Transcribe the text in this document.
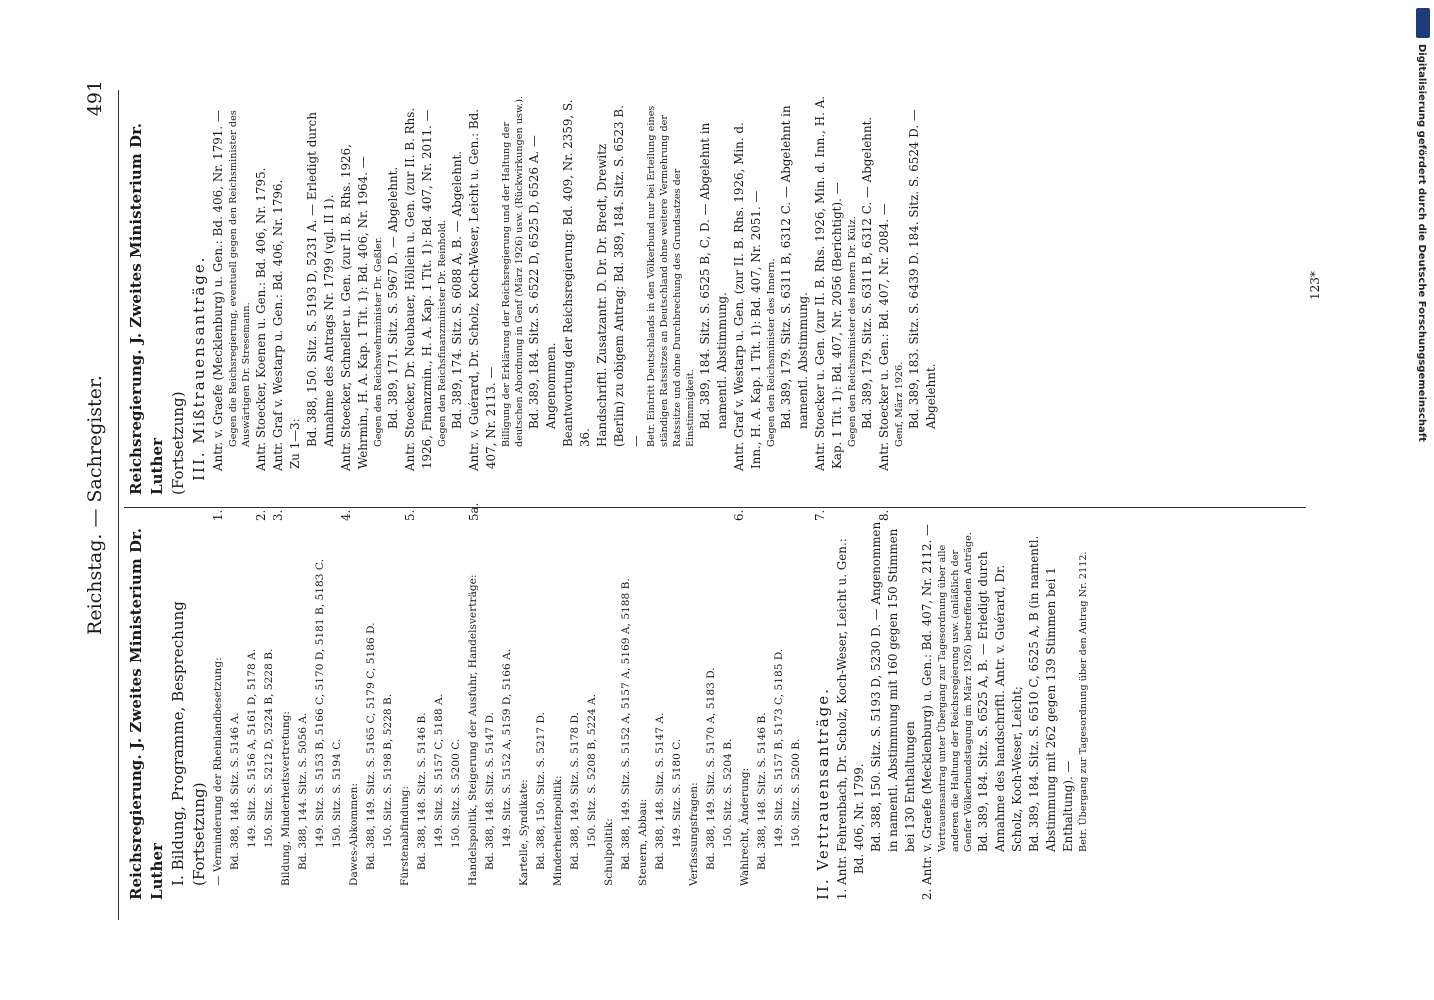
Reichstag. — Sachregister.
491

Reichsregierung. J. Zweites Ministerium Dr. Luther I. Bildung, Programme, Besprechung (Fortsetzung) — Verminderung der Rheinlandbesetzung: Bd. 388, 148. Sitz. S. 5146 A. 149. Sitz. S. 5156 A, 5161 D, 5178 A. 150. Sitz. S. 5212 D, 5224 B, 5228 B. Bildung, Minderheitsvertretung: Bd. 388, 144. Sitz. S. 5056 A. 149. Sitz. S. 5153 B, 5166 C, 5170 D, 5181 B, 5183 C. 150. Sitz. S. 5194 C. Dawes-Abkommen: Bd. 388, 149. Sitz. S. 5165 C, 5179 C, 5186 D. 150. Sitz. S. 5198 B, 5228 B. Fürstenabfindung: Bd. 388, 148. Sitz. S. 5146 B. 149. Sitz. S. 5157 C, 5188 A. 150. Sitz. S. 5200 C. Handelspolitik, Steigerung der Ausfuhr, Handelsverträge: Bd. 388, 148. Sitz. S. 5147 D. 149. Sitz. S. 5152 A, 5159 D, 5166 A. Kartelle, Syndikate: Bd. 388, 150. Sitz. S. 5217 D. Minderheitenpolitik: Bd. 388, 149. Sitz. S. 5178 D. 150. Sitz. S. 5208 B, 5224 A.

Schulpolitik: Bd. 388, 149. Sitz. S. 5152 A, 5157 A, 5169 A, 5188 B. Steuern, Abbau: Bd. 388, 148. Sitz. S. 5147 A. 149. Sitz. S. 5180 C. Verfassungsfragen: Bd. 388, 149. Sitz. S. 5170 A, 5183 D. 150. Sitz. S. 5204 B. Wahlrecht, Änderung: Bd. 388, 148. Sitz. S. 5146 B. 149. Sitz. S. 5157 B, 5173 C, 5185 D. 150. Sitz. S. 5200 B. II. Vertrauensanträge. 1. Antr. Fehrenbach, Dr. Scholz, Koch-Weser, Leicht u. Gen.: Bd. 406, Nr. 1799. Bd. 388, 150. Sitz. S. 5193 D, 5230 D. — Angenommen in namentl. Abstimmung mit 160 gegen 150 Stimmen bei 130 Enthaltungen 2. Antr. v. Graefe (Mecklenburg) u. Gen.: Bd. 407, Nr. 2112. — Vertrauensantrag unter Übergang zur Tagesordnung über alle anderen die Haltung der Reichsregierung usw. (anläßlich der Genfer Völkerbundstagung im März 1926) betreffenden Anträge. Bd. 389, 184. Sitz. S. 6525 A, B. — Erledigt durch Annahme des handschriftl. Antr. v. Guérard, Dr. Scholz, Koch-Weser, Leicht; Bd. 389, 184. Sitz. S. 6510 C, 6525 A, B (in namentl. Abstimmung mit 262 gegen 139 Stimmen bei 1 Enthaltung). — Betr. Übergang zur Tagesordnung über den Antrag Nr. 2112.

Reichsregierung. J. Zweites Ministerium Dr. Luther (Fortsetzung) III. Mißtrauensanträge.

1.Antr. v. Graefe (Mecklenburg) u. Gen.: Bd. 406, Nr. 1791. — Gegen die Reichsregierung, eventuell gegen den Reichsminister des Auswärtigen Dr. Stresemann.

2.Antr. Stoecker, Koenen u. Gen.: Bd. 406, Nr. 1795.

3.Antr. Graf v. Westarp u. Gen.: Bd. 406, Nr. 1796. Zu 1—3: Bd. 388, 150. Sitz. S. 5193 D, 5231 A. — Erledigt durch Annahme des Antrags Nr. 1799 (vgl. II 1).

4.Antr. Stoecker, Schneller u. Gen. (zur II. B. Rhs. 1926, Wehrmin., H. A. Kap. 1 Tit. 1): Bd. 406, Nr. 1964. — Gegen den Reichswehrminister Dr. Geßler. Bd. 389, 171. Sitz. S. 5967 D. — Abgelehnt.

5.Antr. Stoecker, Dr. Neubauer, Höllein u. Gen. (zur II. B. Rhs. 1926, Finanzmin., H. A. Kap. 1 Tit. 1): Bd. 407, Nr. 2011. — Gegen den Reichsfinanzminister Dr. Reinhold. Bd. 389, 174. Sitz. S. 6088 A, B. — Abgelehnt.

5a.Antr. v. Guérard, Dr. Scholz, Koch-Weser, Leicht u. Gen.: Bd. 407, Nr. 2113. — Billigung der Erklärung der Reichsregierung und der Haltung der deutschen Abordnung in Genf (März 1926) usw. (Rückwirkungen usw.). Bd. 389, 184. Sitz. S. 6522 D, 6525 D, 6526 A. — Angenommen. Beantwortung der Reichsregierung: Bd. 409, Nr. 2359, S. 36. Handschriftl. Zusatzantr. D. Dr. Dr. Bredt, Drewitz (Berlin) zu obigem Antrag: Bd. 389, 184. Sitz. S. 6523 B. — Betr. Eintritt Deutschlands in den Völkerbund nur bei Erteilung eines ständigen Ratssitzes an Deutschland ohne weitere Vermehrung der Ratssitze und ohne Durchbrechung des Grundsatzes der Einstimmigkeit. Bd. 389, 184. Sitz. S. 6525 B, C, D. — Abgelehnt in namentl. Abstimmung.

6.Antr. Graf v. Westarp u. Gen. (zur II. B. Rhs. 1926, Min. d. Inn., H. A. Kap. 1 Tit. 1): Bd. 407, Nr. 2051. — Gegen den Reichsminister des Innern. Bd. 389, 179. Sitz. S. 6311 B, 6312 C. — Abgelehnt in namentl. Abstimmung.

7.Antr. Stoecker u. Gen. (zur II. B. Rhs. 1926, Min. d. Inn., H. A. Kap. 1 Tit. 1): Bd. 407, Nr. 2056 (Berichtigt). — Gegen den Reichsminister des Innern Dr. Külz. Bd. 389, 179. Sitz. S. 6311 B, 6312 C. — Abgelehnt.

8.Antr. Stoecker u. Gen.: Bd. 407, Nr. 2084. — Genf, März 1926. Bd. 389, 183. Sitz. S. 6439 D. 184. Sitz. S. 6524 D. — Abgelehnt.

123*	Digitalisierung gefördert durch die Deutsche Forschungsgemeinschaft
